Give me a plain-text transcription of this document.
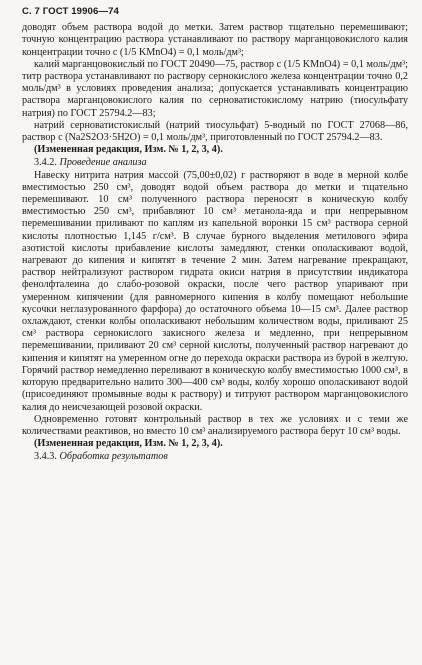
С. 7 ГОСТ 19906—74

доводят объем раствора водой до метки. Затем раствор тщательно перемешивают; точную концентрацию раствора устанавливают по раствору марганцовокислого калия концентрации точно с (1/5 KMnO4) = 0,1 моль/дм³;

калий марганцовокислый по ГОСТ 20490—75, раствор с (1/5 KMnO4) = 0,1 моль/дм³; титр раствора устанавливают по раствору сернокислого железа концентрации точно 0,2 моль/дм³ в условиях проведения анализа; допускается устанавливать концентрацию раствора марганцовокислого калия по серноватистокислому натрию (тиосульфату натрия) по ГОСТ 25794.2—83;

натрий серноватистокислый (натрий тиосульфат) 5-водный по ГОСТ 27068—86, раствор с (Na2S2O3·5H2O) = 0,1 моль/дм³, приготовленный по ГОСТ 25794.2—83.

(Измененная редакция, Изм. № 1, 2, 3, 4).

3.4.2. Проведение анализа

Навеску нитрита натрия массой (75,00±0,02) г растворяют в воде в мерной колбе вместимостью 250 см³, доводят водой объем раствора до метки и тщательно перемешивают. 10 см³ полученного раствора переносят в коническую колбу вместимостью 250 см³, прибавляют 10 см³ метанола-яда и при непрерывном перемешивании приливают по каплям из капельной воронки 15 см³ раствора серной кислоты плотностью 1,145 г/см³. В случае бурного выделения метилового эфира азотистой кислоты прибавление кислоты замедляют, стенки ополаскивают водой, нагревают до кипения и кипятят в течение 2 мин. Затем нагревание прекращают, раствор нейтрализуют раствором гидрата окиси натрия в присутствии индикатора фенолфталеина до слабо-розовой окраски, после чего раствор упаривают при умеренном кипячении (для равномерного кипения в колбу помещают небольшие кусочки неглазурованного фарфора) до остаточного объема 10—15 см³. Далее раствор охлаждают, стенки колбы ополаскивают небольшим количеством воды, приливают 25 см³ раствора сернокислого закисного железа и медленно, при непрерывном перемешивании, приливают 20 см³ серной кислоты, полученный раствор нагревают до кипения и кипятят на умеренном огне до перехода окраски раствора из бурой в желтую. Горячий раствор немедленно переливают в коническую колбу вместимостью 1000 см³, в которую предварительно налито 300—400 см³ воды, колбу хорошо ополаскивают водой (присоединяют промывные воды к раствору) и титруют раствором марганцовокислого калия до неисчезающей розовой окраски.

Одновременно готовят контрольный раствор в тех же условиях и с теми же количествами реактивов, но вместо 10 см³ анализируемого раствора берут 10 см³ воды.

(Измененная редакция, Изм. № 1, 2, 3, 4).

3.4.3. Обработка результатов
